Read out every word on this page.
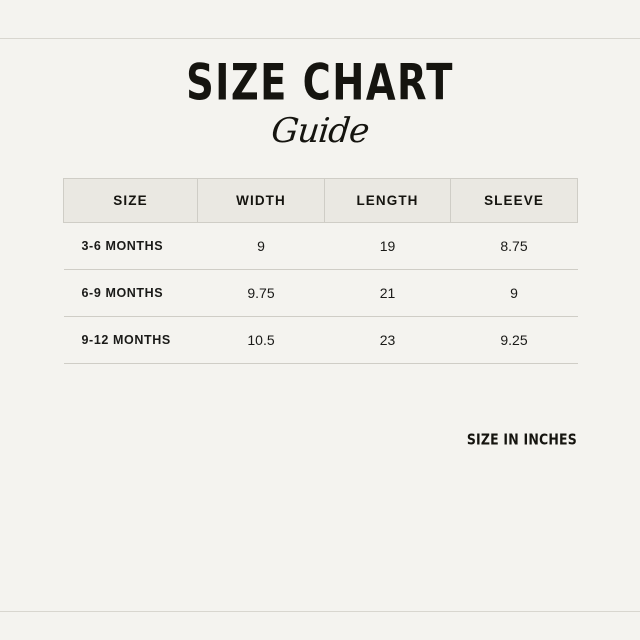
SIZE CHART
Guide
SIZE	WIDTH	LENGTH	SLEEVE
3-6 MONTHS	9	19	8.75
6-9 MONTHS	9.75	21	9
9-12 MONTHS	10.5	23	9.25
SIZE IN INCHES
